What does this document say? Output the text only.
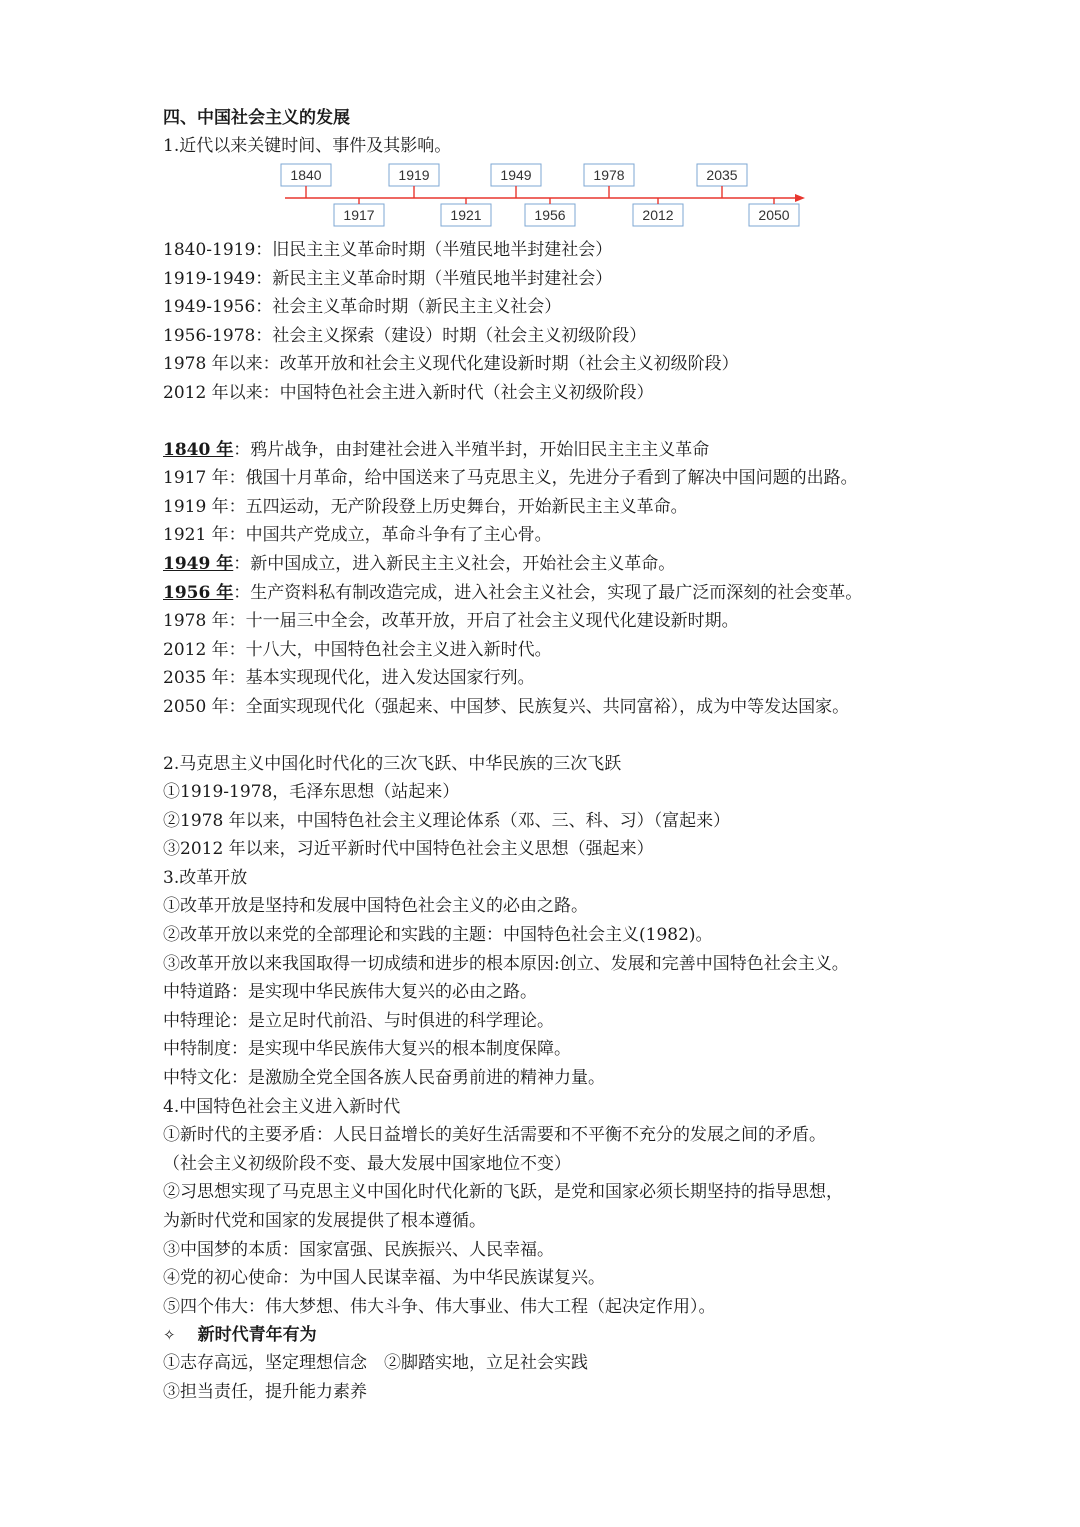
四、中国社会主义的发展
1.近代以来关键时间、事件及其影响。
1840	1919	1949	1978	2035
1917	1921	1956	2012	2050
1840-1919：旧民主主义革命时期（半殖民地半封建社会）
1919-1949：新民主主义革命时期（半殖民地半封建社会）
1949-1956：社会主义革命时期（新民主主义社会）
1956-1978：社会主义探索（建设）时期（社会主义初级阶段）
1978 年以来：改革开放和社会主义现代化建设新时期（社会主义初级阶段）
2012 年以来：中国特色社会主进入新时代（社会主义初级阶段）
1840 年：鸦片战争，由封建社会进入半殖半封，开始旧民主主主义革命
1917 年：俄国十月革命，给中国送来了马克思主义，先进分子看到了解决中国问题的出路。
1919 年：五四运动，无产阶段登上历史舞台，开始新民主主义革命。
1921 年：中国共产党成立，革命斗争有了主心骨。
1949 年：新中国成立，进入新民主主义社会，开始社会主义革命。
1956 年：生产资料私有制改造完成，进入社会主义社会，实现了最广泛而深刻的社会变革。
1978 年：十一届三中全会，改革开放，开启了社会主义现代化建设新时期。
2012 年：十八大，中国特色社会主义进入新时代。
2035 年：基本实现现代化，进入发达国家行列。
2050 年：全面实现现代化（强起来、中国梦、民族复兴、共同富裕），成为中等发达国家。
2.马克思主义中国化时代化的三次飞跃、中华民族的三次飞跃
①1919-1978，毛泽东思想（站起来）
②1978 年以来，中国特色社会主义理论体系（邓、三、科、习）（富起来）
③2012 年以来，习近平新时代中国特色社会主义思想（强起来）
3.改革开放
①改革开放是坚持和发展中国特色社会主义的必由之路。
②改革开放以来党的全部理论和实践的主题：中国特色社会主义(1982)。
③改革开放以来我国取得一切成绩和进步的根本原因:创立、发展和完善中国特色社会主义。
中特道路：是实现中华民族伟大复兴的必由之路。
中特理论：是立足时代前沿、与时俱进的科学理论。
中特制度：是实现中华民族伟大复兴的根本制度保障。
中特文化：是激励全党全国各族人民奋勇前进的精神力量。
4.中国特色社会主义进入新时代
①新时代的主要矛盾：人民日益增长的美好生活需要和不平衡不充分的发展之间的矛盾。
（社会主义初级阶段不变、最大发展中国家地位不变）
②习思想实现了马克思主义中国化时代化新的飞跃，是党和国家必须长期坚持的指导思想，
为新时代党和国家的发展提供了根本遵循。
③中国梦的本质：国家富强、民族振兴、人民幸福。
④党的初心使命：为中国人民谋幸福、为中华民族谋复兴。
⑤四个伟大：伟大梦想、伟大斗争、伟大事业、伟大工程（起决定作用）。
✧ 新时代青年有为
①志存高远，坚定理想信念　②脚踏实地，立足社会实践
③担当责任，提升能力素养
